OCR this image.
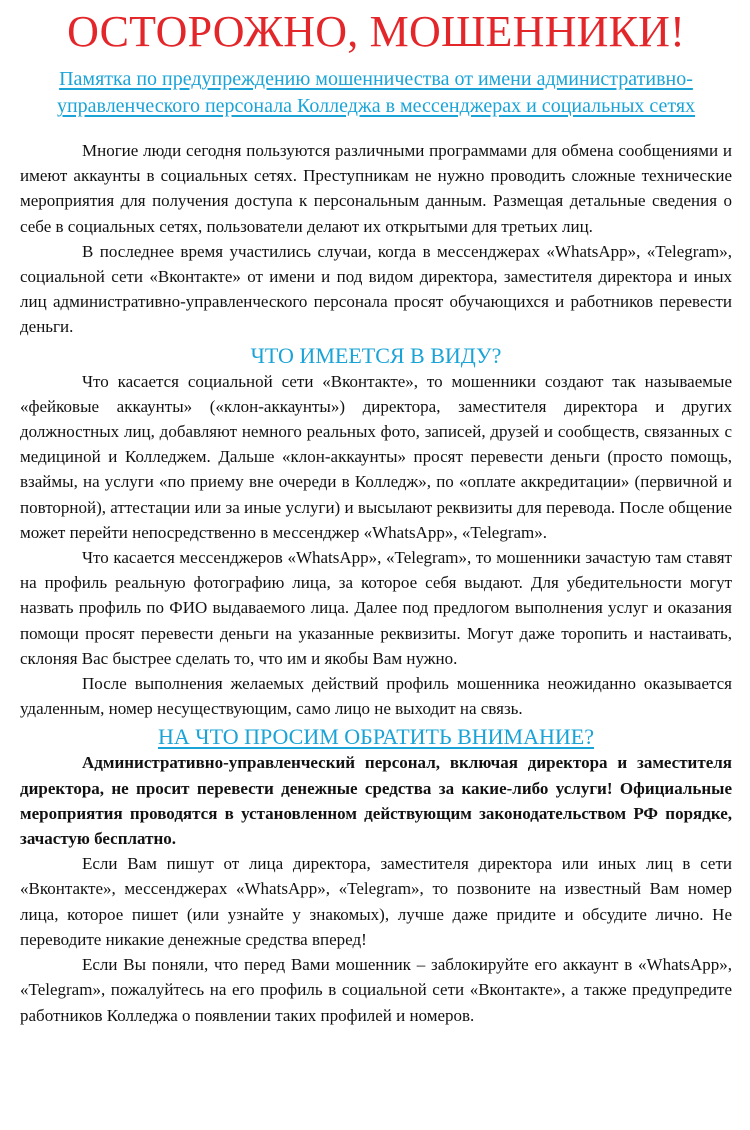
ОСТОРОЖНО, МОШЕННИКИ!
Памятка по предупреждению мошенничества от имени административно-управленческого персонала Колледжа в мессенджерах и социальных сетях

Многие люди сегодня пользуются различными программами для обмена сообщениями и имеют аккаунты в социальных сетях. Преступникам не нужно проводить сложные технические мероприятия для получения доступа к персональным данным. Размещая детальные сведения о себе в социальных сетях, пользователи делают их открытыми для третьих лиц.

В последнее время участились случаи, когда в мессенджерах «WhatsApp», «Telegram», социальной сети «Вконтакте» от имени и под видом директора, заместителя директора и иных лиц административно-управленческого персонала просят обучающихся и работников перевести деньги.

ЧТО ИМЕЕТСЯ В ВИДУ?

Что касается социальной сети «Вконтакте», то мошенники создают так называемые «фейковые аккаунты» («клон-аккаунты») директора, заместителя директора и других должностных лиц, добавляют немного реальных фото, записей, друзей и сообществ, связанных с медициной и Колледжем. Дальше «клон-аккаунты» просят перевести деньги (просто помощь, взаймы, на услуги «по приему вне очереди в Колледж», по «оплате аккредитации» (первичной и повторной), аттестации или за иные услуги) и высылают реквизиты для перевода. После общение может перейти непосредственно в мессенджер «WhatsApp», «Telegram».

Что касается мессенджеров «WhatsApp», «Telegram», то мошенники зачастую там ставят на профиль реальную фотографию лица, за которое себя выдают. Для убедительности могут назвать профиль по ФИО выдаваемого лица. Далее под предлогом выполнения услуг и оказания помощи просят перевести деньги на указанные реквизиты. Могут даже торопить и настаивать, склоняя Вас быстрее сделать то, что им и якобы Вам нужно.

После выполнения желаемых действий профиль мошенника неожиданно оказывается удаленным, номер несуществующим, само лицо не выходит на связь.

НА ЧТО ПРОСИМ ОБРАТИТЬ ВНИМАНИЕ?

Административно-управленческий персонал, включая директора и заместителя директора, не просит перевести денежные средства за какие-либо услуги! Официальные мероприятия проводятся в установленном действующим законодательством РФ порядке, зачастую бесплатно.

Если Вам пишут от лица директора, заместителя директора или иных лиц в сети «Вконтакте», мессенджерах «WhatsApp», «Telegram», то позвоните на известный Вам номер лица, которое пишет (или узнайте у знакомых), лучше даже придите и обсудите лично. Не переводите никакие денежные средства вперед!

Если Вы поняли, что перед Вами мошенник – заблокируйте его аккаунт в «WhatsApp», «Telegram», пожалуйтесь на его профиль в социальной сети «Вконтакте», а также предупредите работников Колледжа о появлении таких профилей и номеров.
